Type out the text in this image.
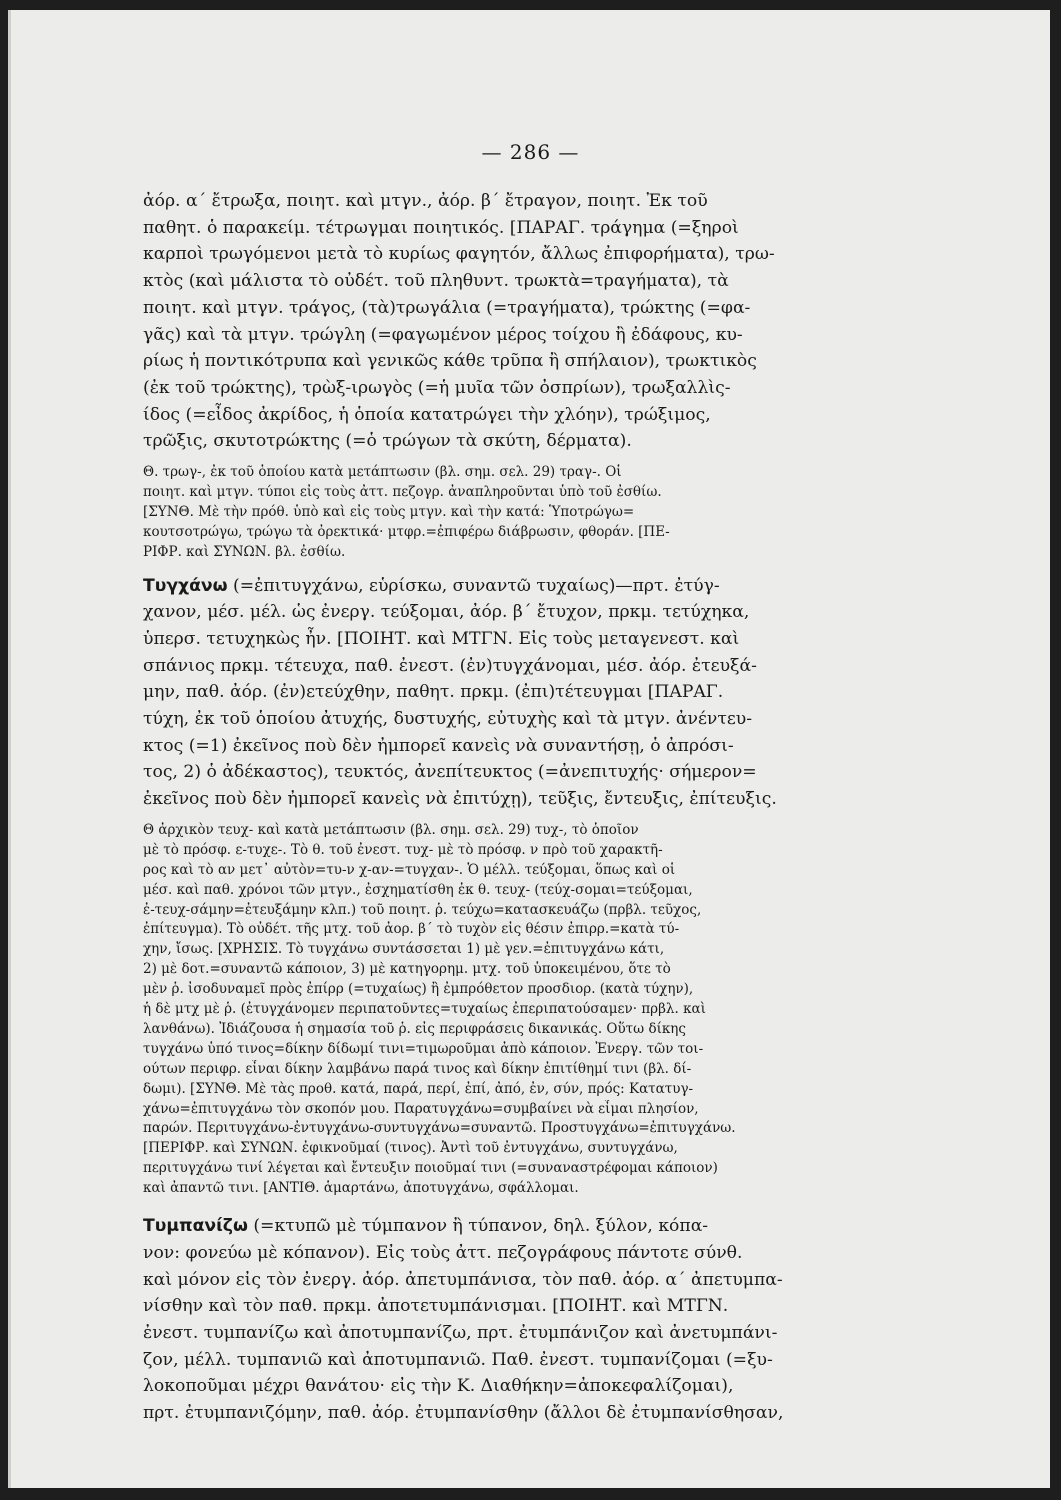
— 286 —

ἀόρ. α΄ ἔτρωξα, ποιητ. καὶ μτγν., ἀόρ. β΄ ἔτραγον, ποιητ. Ἐκ τοῦ

παθητ. ὁ παρακείμ. τέτρωγμαι ποιητικός. [ΠΑΡΑΓ. τράγημα (=ξηροὶ

καρποὶ τρωγόμενοι μετὰ τὸ κυρίως φαγητόν, ἄλλως ἐπιφορήματα), τρω-

κτὸς (καὶ μάλιστα τὸ οὐδέτ. τοῦ πληθυντ. τρωκτὰ=τραγήματα), τὰ

ποιητ. καὶ μτγν. τράγος, (τὰ)τρωγάλια (=τραγήματα), τρώκτης (=φα-

γᾶς) καὶ τὰ μτγν. τρώγλη (=φαγωμένον μέρος τοίχου ἢ ἐδάφους, κυ-

ρίως ἡ ποντικότρυπα καὶ γενικῶς κάθε τρῦπα ἢ σπήλαιον), τρωκτικὸς

(ἐκ τοῦ τρώκτης), τρὼξ-ιρωγὸς (=ἡ μυῖα τῶν ὀσπρίων), τρωξαλλὶς-

ίδος (=εἶδος ἀκρίδος, ἡ ὁποία κατατρώγει τὴν χλόην), τρώξιμος,

τρῶξις, σκυτοτρώκτης (=ὁ τρώγων τὰ σκύτη, δέρματα).

Θ. τρωγ-, ἐκ τοῦ ὁποίου κατὰ μετάπτωσιν (βλ. σημ. σελ. 29) τραγ-. Οἱ

ποιητ. καὶ μτγν. τύποι εἰς τοὺς ἀττ. πεζογρ. ἀναπληροῦνται ὑπὸ τοῦ ἐσθίω.

[ΣΥΝΘ. Μὲ τὴν πρόθ. ὑπὸ καὶ εἰς τοὺς μτγν. καὶ τὴν κατά: Ὑποτρώγω=

κουτσοτρώγω, τρώγω τὰ ὀρεκτικά· μτφρ.=ἐπιφέρω διάβρωσιν, φθοράν. [ΠΕ-

ΡΙΦΡ. καὶ ΣΥΝΩΝ. βλ. ἐσθίω.

Τυγχάνω (=ἐπιτυγχάνω, εὑρίσκω, συναντῶ τυχαίως)—πρτ. ἐτύγ-

χανον, μέσ. μέλ. ὡς ἐνεργ. τεύξομαι, ἀόρ. β΄ ἔτυχον, πρκμ. τετύχηκα,

ὑπερσ. τετυχηκὼς ἦν. [ΠΟΙΗΤ. καὶ ΜΤΓΝ. Εἰς τοὺς μεταγενεστ. καὶ

σπάνιος πρκμ. τέτευχα, παθ. ἐνεστ. (ἐν)τυγχάνομαι, μέσ. ἀόρ. ἐτευξά-

μην, παθ. ἀόρ. (ἐν)ετεύχθην, παθητ. πρκμ. (ἐπι)τέτευγμαι [ΠΑΡΑΓ.

τύχη, ἐκ τοῦ ὁποίου ἀτυχής, δυστυχής, εὐτυχὴς καὶ τὰ μτγν. ἀνέντευ-

κτος (=1) ἐκεῖνος ποὺ δὲν ἠμπορεῖ κανεὶς νὰ συναντήσῃ, ὁ ἀπρόσι-

τος, 2) ὁ ἀδέκαστος), τευκτός, ἀνεπίτευκτος (=ἀνεπιτυχής· σήμερον=

ἐκεῖνος ποὺ δὲν ἠμπορεῖ κανεὶς νὰ ἐπιτύχῃ), τεῦξις, ἔντευξις, ἐπίτευξις.

Θ ἀρχικὸν τευχ- καὶ κατὰ μετάπτωσιν (βλ. σημ. σελ. 29) τυχ-, τὸ ὁποῖον

μὲ τὸ πρόσφ. ε-τυχε-. Τὸ θ. τοῦ ἐνεστ. τυχ- μὲ τὸ πρόσφ. ν πρὸ τοῦ χαρακτῆ-

ρος καὶ τὸ αν μετ᾽ αὐτὸν=τυ-ν χ-αν-=τυγχαν-. Ὁ μέλλ. τεύξομαι, ὅπως καὶ οἱ

μέσ. καὶ παθ. χρόνοι τῶν μτγν., ἐσχηματίσθη ἐκ θ. τευχ- (τεύχ-σομαι=τεύξομαι,

ἐ-τευχ-σάμην=ἐτευξάμην κλπ.) τοῦ ποιητ. ῥ. τεύχω=κατασκευάζω (πρβλ. τεῦχος,

ἐπίτευγμα). Τὸ οὐδέτ. τῆς μτχ. τοῦ ἀορ. β΄ τὸ τυχὸν εἰς θέσιν ἐπιρρ.=κατὰ τύ-

χην, ἴσως. [ΧΡΗΣΙΣ. Τὸ τυγχάνω συντάσσεται 1) μὲ γεν.=ἐπιτυγχάνω κάτι,

2) μὲ δοτ.=συναντῶ κάποιον, 3) μὲ κατηγορημ. μτχ. τοῦ ὑποκειμένου, ὅτε τὸ

μὲν ῥ. ἰσοδυναμεῖ πρὸς ἐπίρρ (=τυχαίως) ἢ ἐμπρόθετον προσδιορ. (κατὰ τύχην),

ἡ δὲ μτχ μὲ ῥ. (ἐτυγχάνομεν περιπατοῦντες=τυχαίως ἐπεριπατούσαμεν· πρβλ. καὶ

λανθάνω). Ἰδιάζουσα ἡ σημασία τοῦ ῥ. εἰς περιφράσεις δικανικάς. Οὕτω δίκης

τυγχάνω ὑπό τινος=δίκην δίδωμί τινι=τιμωροῦμαι ἀπὸ κάποιον. Ἐνεργ. τῶν τοι-

ούτων περιφρ. εἶναι δίκην λαμβάνω παρά τινος καὶ δίκην ἐπιτίθημί τινι (βλ. δί-

δωμι). [ΣΥΝΘ. Μὲ τὰς προθ. κατά, παρά, περί, ἐπί, ἀπό, ἐν, σύν, πρός: Κατατυγ-

χάνω=ἐπιτυγχάνω τὸν σκοπόν μου. Παρατυγχάνω=συμβαίνει νὰ εἶμαι πλησίον,

παρών. Περιτυγχάνω-ἐντυγχάνω-συντυγχάνω=συναντῶ. Προστυγχάνω=ἐπιτυγχάνω.

[ΠΕΡΙΦΡ. καὶ ΣΥΝΩΝ. ἐφικνοῦμαί (τινος). Ἀντὶ τοῦ ἐντυγχάνω, συντυγχάνω,

περιτυγχάνω τινί λέγεται καὶ ἔντευξιν ποιοῦμαί τινι (=συναναστρέφομαι κάποιον)

καὶ ἀπαντῶ τινι. [ΑΝΤΙΘ. ἁμαρτάνω, ἀποτυγχάνω, σφάλλομαι.

Τυμπανίζω (=κτυπῶ μὲ τύμπανον ἢ τύπανον, δηλ. ξύλον, κόπα-

νον: φονεύω μὲ κόπανον). Εἰς τοὺς ἀττ. πεζογράφους πάντοτε σύνθ.

καὶ μόνον εἰς τὸν ἐνεργ. ἀόρ. ἀπετυμπάνισα, τὸν παθ. ἀόρ. α΄ ἀπετυμπα-

νίσθην καὶ τὸν παθ. πρκμ. ἀποτετυμπάνισμαι. [ΠΟΙΗΤ. καὶ ΜΤΓΝ.

ἐνεστ. τυμπανίζω καὶ ἀποτυμπανίζω, πρτ. ἐτυμπάνιζον καὶ ἀνετυμπάνι-

ζον, μέλλ. τυμπανιῶ καὶ ἀποτυμπανιῶ. Παθ. ἐνεστ. τυμπανίζομαι (=ξυ-

λοκοποῦμαι μέχρι θανάτου· εἰς τὴν Κ. Διαθήκην=ἀποκεφαλίζομαι),

πρτ. ἐτυμπανιζόμην, παθ. ἀόρ. ἐτυμπανίσθην (ἄλλοι δὲ ἐτυμπανίσθησαν,
